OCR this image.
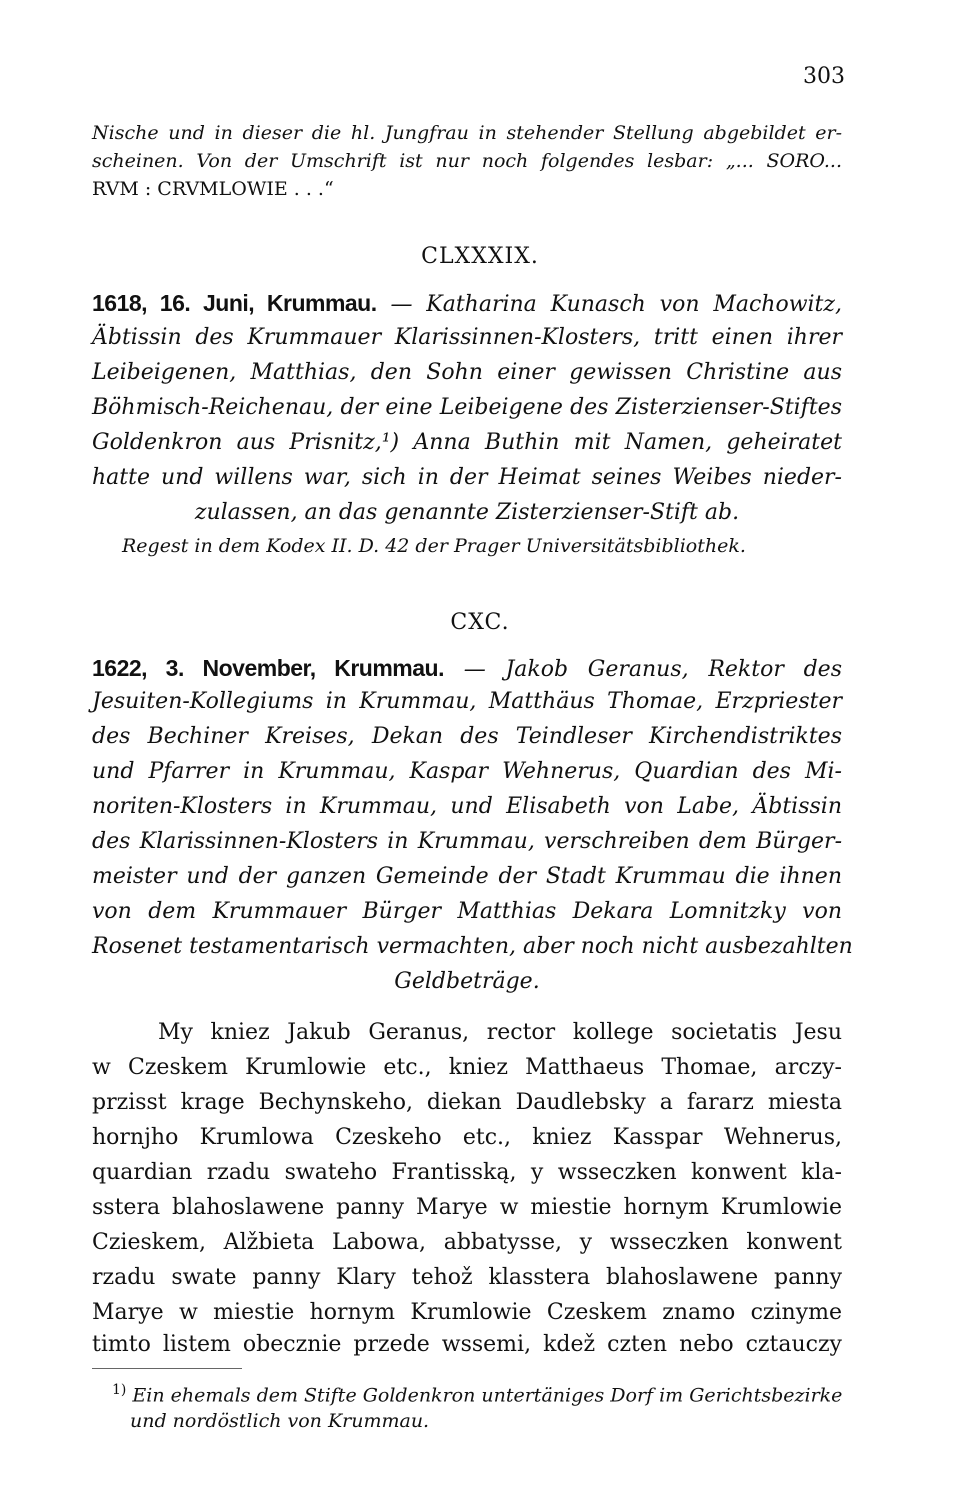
303
Nische und in dieser die hl. Jungfrau in stehender Stellung abgebildet er-
scheinen. Von der Umschrift ist nur noch folgendes lesbar: „... SORO...
RVM : CRVMLOWIE . . .“
CLXXXIX.
1618, 16. Juni, Krummau. — Katharina Kunasch von Machowitz,
Äbtissin des Krummauer Klarissinnen-Klosters, tritt einen ihrer
Leibeigenen, Matthias, den Sohn einer gewissen Christine aus
Böhmisch-Reichenau, der eine Leibeigene des Zisterzienser-Stiftes
Goldenkron aus Prisnitz,¹) Anna Buthin mit Namen, geheiratet
hatte und willens war, sich in der Heimat seines Weibes nieder-
zulassen, an das genannte Zisterzienser-Stift ab.
Regest in dem Kodex II. D. 42 der Prager Universitätsbibliothek.
CXC.
1622, 3. November, Krummau. — Jakob Geranus, Rektor des
Jesuiten-Kollegiums in Krummau, Matthäus Thomae, Erzpriester
des Bechiner Kreises, Dekan des Teindleser Kirchendistriktes
und Pfarrer in Krummau, Kaspar Wehnerus, Quardian des Mi-
noriten-Klosters in Krummau, und Elisabeth von Labe, Äbtissin
des Klarissinnen-Klosters in Krummau, verschreiben dem Bürger-
meister und der ganzen Gemeinde der Stadt Krummau die ihnen
von dem Krummauer Bürger Matthias Dekara Lomnitzky von
Rosenet testamentarisch vermachten, aber noch nicht ausbezahlten
Geldbeträge.
My kniez Jakub Geranus, rector kollege societatis Jesu
w Czeskem Krumlowie etc., kniez Matthaeus Thomae, arczy-
przisst krage Bechynskeho, diekan Daudlebsky a fararz miesta
hornjho Krumlowa Czeskeho etc., kniez Kasspar Wehnerus,
quardian rzadu swateho Frantisską, y wsseczken konwent kla-
sstera blahoslawene panny Marye w miestie hornym Krumlowie
Czieskem, Alžbieta Labowa, abbatysse, y wsseczken konwent
rzadu swate panny Klary tehož klasstera blahoslawene panny
Marye w miestie hornym Krumlowie Czeskem znamo czinyme
timto listem obecznie przede wssemi, kdež czten nebo cztauczy
$^{1)}$ Ein ehemals dem Stifte Goldenkron untertäniges Dorf im Gerichtsbezirke
und nordöstlich von Krummau.
